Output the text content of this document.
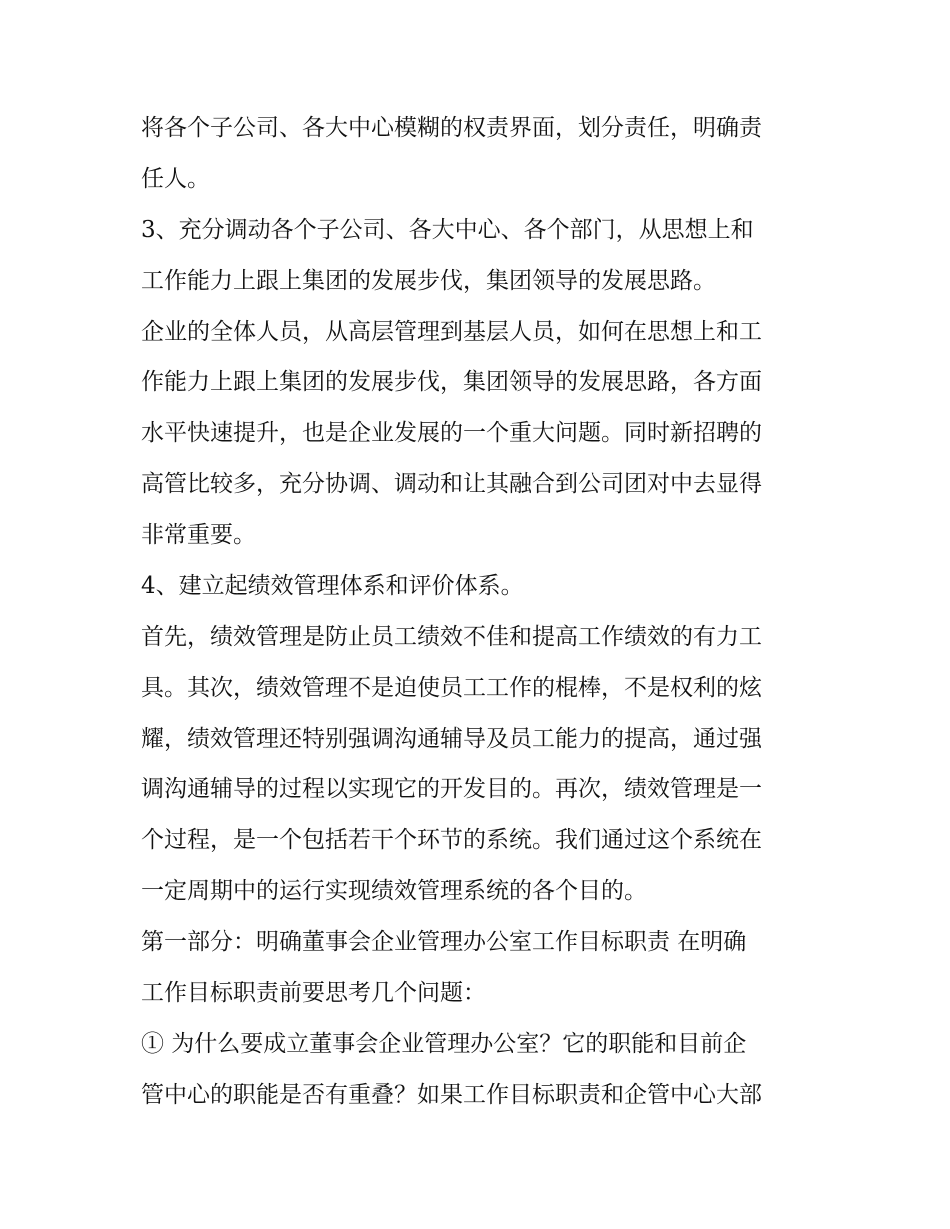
将各个子公司、各大中心模糊的权责界面，划分责任，明确责
任人。
3、充分调动各个子公司、各大中心、各个部门，从思想上和
工作能力上跟上集团的发展步伐，集团领导的发展思路。
企业的全体人员，从高层管理到基层人员，如何在思想上和工
作能力上跟上集团的发展步伐，集团领导的发展思路，各方面
水平快速提升，也是企业发展的一个重大问题。同时新招聘的
高管比较多，充分协调、调动和让其融合到公司团对中去显得
非常重要。
4、建立起绩效管理体系和评价体系。
首先，绩效管理是防止员工绩效不佳和提高工作绩效的有力工
具。其次，绩效管理不是迫使员工工作的棍棒，不是权利的炫
耀，绩效管理还特别强调沟通辅导及员工能力的提高，通过强
调沟通辅导的过程以实现它的开发目的。再次，绩效管理是一
个过程，是一个包括若干个环节的系统。我们通过这个系统在
一定周期中的运行实现绩效管理系统的各个目的。
第一部分：明确董事会企业管理办公室工作目标职责 在明确
工作目标职责前要思考几个问题：
① 为什么要成立董事会企业管理办公室？它的职能和目前企
管中心的职能是否有重叠？如果工作目标职责和企管中心大部
